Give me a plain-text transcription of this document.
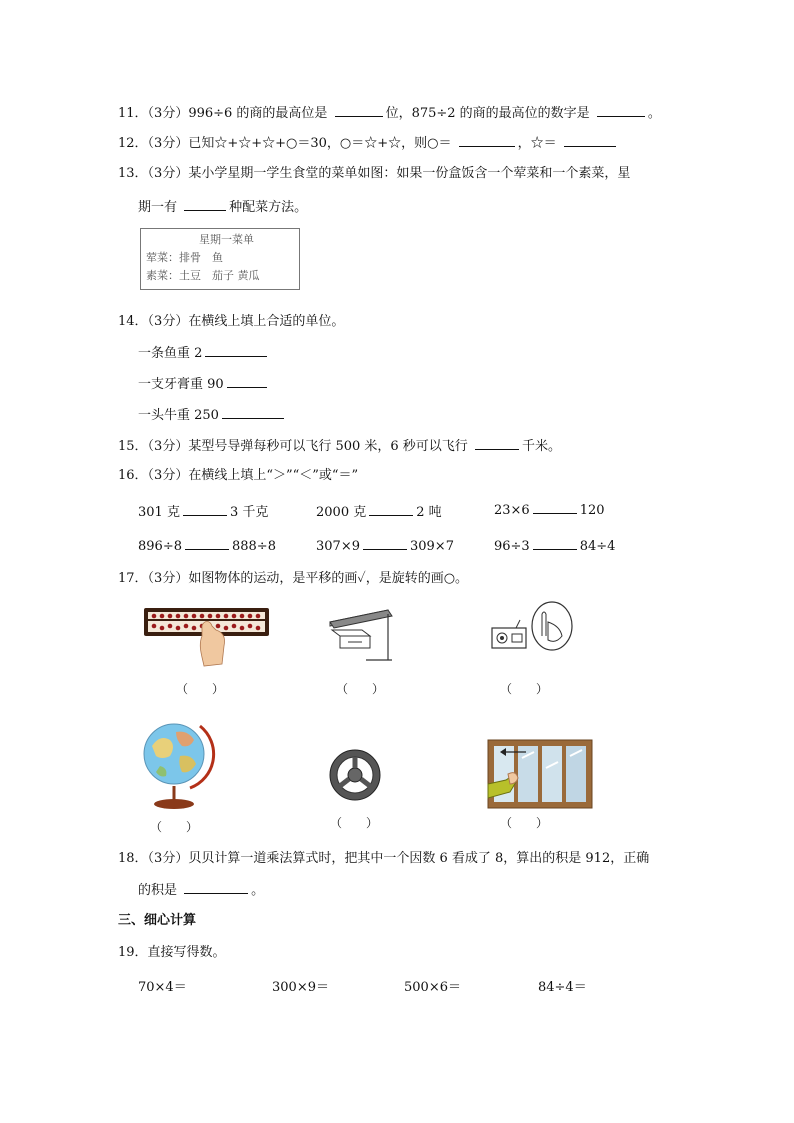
11．（3分）996÷6 的商的最高位是	位，875÷2 的商的最高位的数字是	。
12．（3分）已知☆+☆+☆+○＝30，○＝☆+☆，则○＝	，☆＝
13．（3分）某小学星期一学生食堂的菜单如图：如果一份盒饭含一个荤菜和一个素菜，星
期一有	种配菜方法。
星期一菜单
荤菜：排骨　鱼
素菜：土豆　茄子 黄瓜
14．（3分）在横线上填上合适的单位。
一条鱼重 2
一支牙膏重 90
一头牛重 250
15．（3分）某型号导弹每秒可以飞行 500 米，6 秒可以飞行	千米。
16．（3分）在横线上填上“＞”“＜”或“＝”
301 克	3 千克	2000 克	2 吨	23×6	120
896÷8	888÷8	307×9	309×7	96÷3	84÷4
17．（3分）如图物体的运动，是平移的画✓，是旋转的画○。
（　　）	（　　）	（　　）
（　　）	（　　）	（　　）
18．（3分）贝贝计算一道乘法算式时，把其中一个因数 6 看成了 8，算出的积是 912，正确
的积是	。
三、细心计算
19．直接写得数。
70×4＝	300×9＝	500×6＝	84÷4＝
